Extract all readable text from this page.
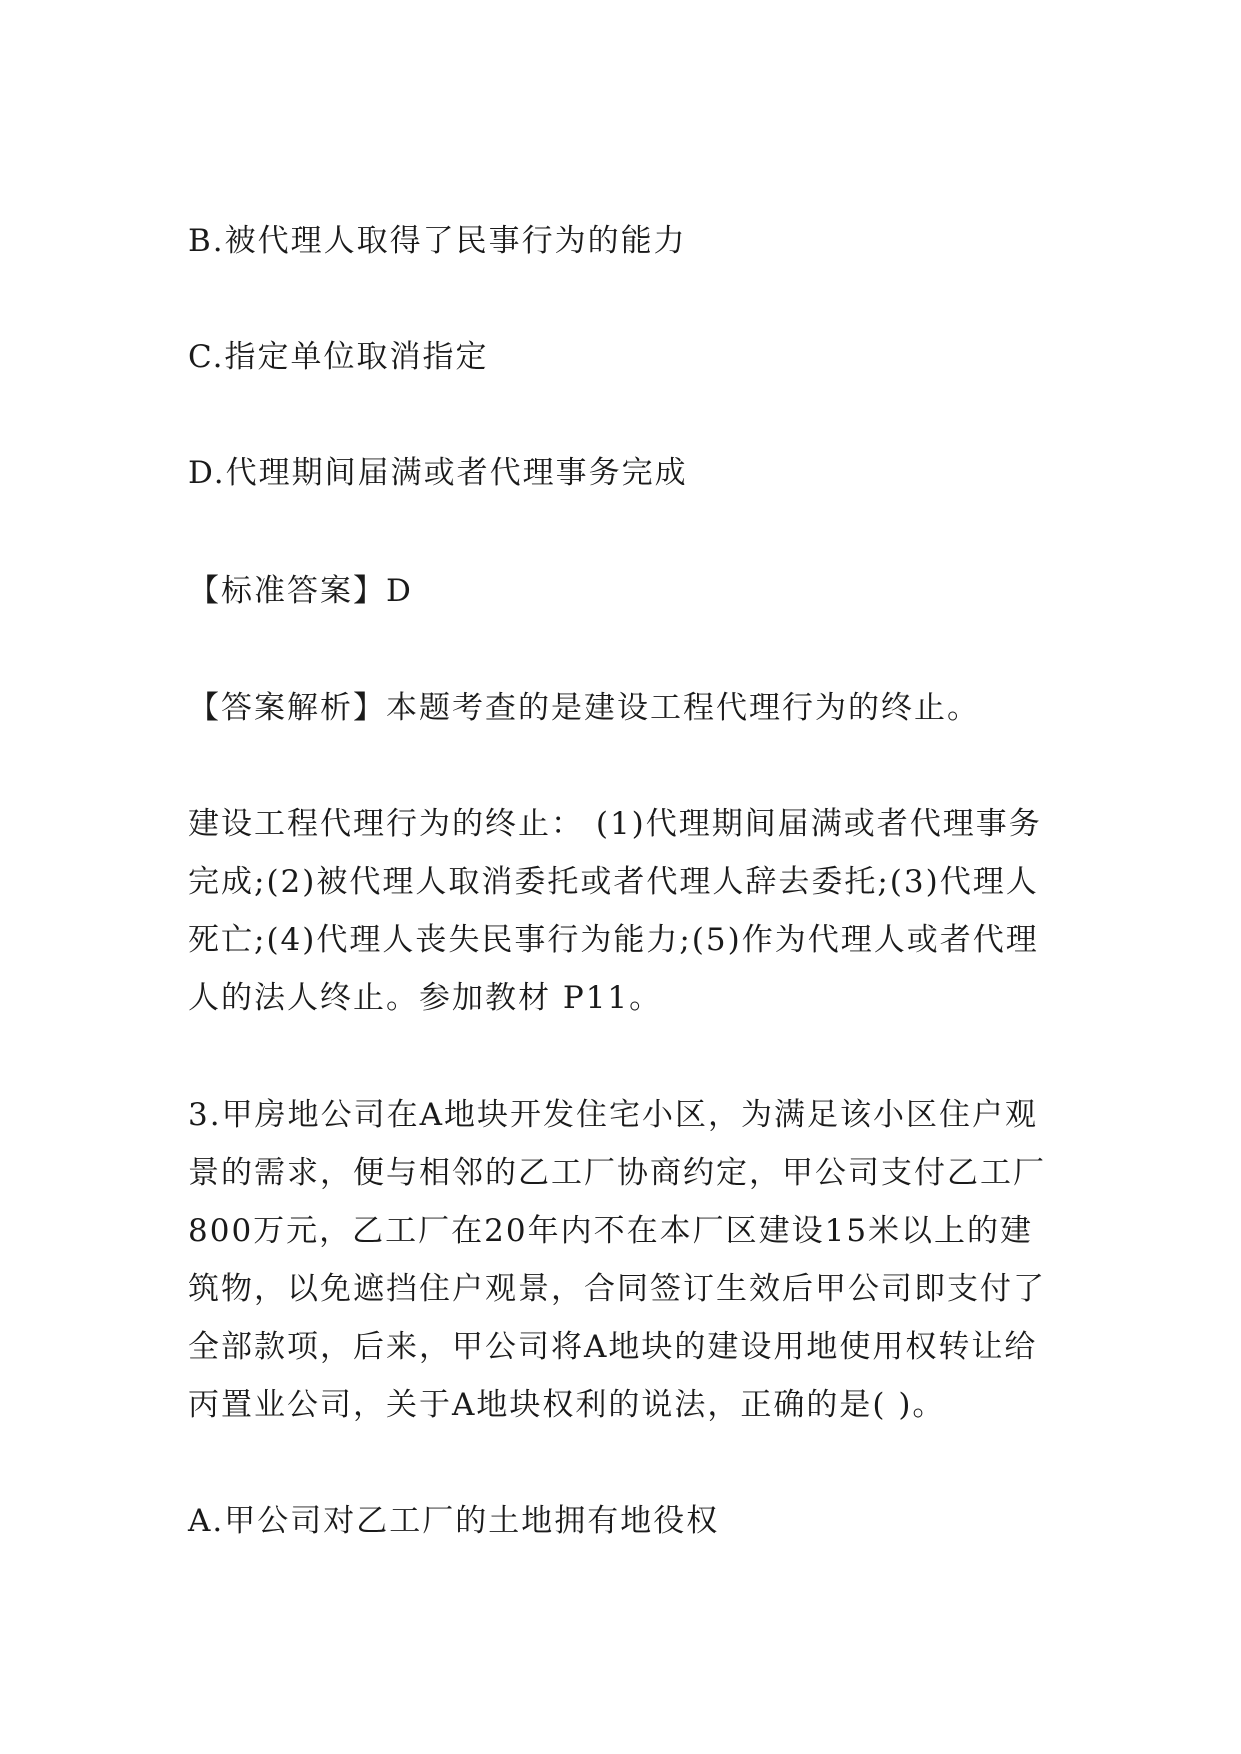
B.被代理人取得了民事行为的能力

C.指定单位取消指定

D.代理期间届满或者代理事务完成

【标准答案】D

【答案解析】本题考查的是建设工程代理行为的终止。

建设工程代理行为的终止： (1)代理期间届满或者代理事务完成;(2)被代理人取消委托或者代理人辞去委托;(3)代理人死亡;(4)代理人丧失民事行为能力;(5)作为代理人或者代理人的法人终止。参加教材 P11。

3.甲房地公司在A地块开发住宅小区，为满足该小区住户观景的需求，便与相邻的乙工厂协商约定，甲公司支付乙工厂800万元，乙工厂在20年内不在本厂区建设15米以上的建筑物，以免遮挡住户观景，合同签订生效后甲公司即支付了全部款项，后来，甲公司将A地块的建设用地使用权转让给丙置业公司，关于A地块权利的说法，正确的是( )。

A.甲公司对乙工厂的土地拥有地役权
